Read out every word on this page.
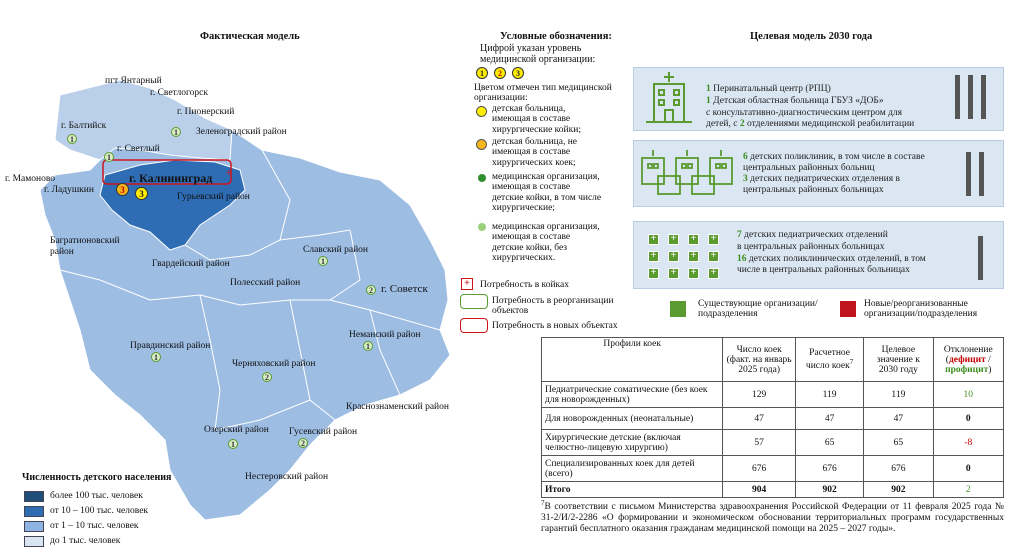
Фактическая модель
пгт Янтарный
г. Светлогорск
г. Пионерский
г. Балтийск
Зеленоградский район
г. Светлый
г. Мамоново
г. Ладушкин
г. Калининград
Гурьевский район
Багратионовский район
Гвардейский район
Полесский район
Славский район
г. Советск
Неманский район
Правдинский район
Черняховский район
Краснознаменский район
Озерский район Гусевский район
Нестеровский район
1
1
1
3	3
+
1
2
1
1
2
1	2
Численность детского населения
более 100 тыс. человек
от 10 – 100 тыс. человек
от 1 – 10 тыс. человек
до 1 тыс. человек
Условные обозначения:
Цифрой указан уровень медицинской организации:
1	2	3
Цветом отмечен тип медицинской организации:
детская больница, имеющая в составе хирургические койки;
детская больница, не имеющая в составе хирургических коек;
медицинская организация, имеющая в составе детские койки, в том числе хирургические;
медицинская организация, имеющая в составе детские койки, без хирургических.
+	Потребность в койках
Потребность в реорганизации объектов
Потребность в новых объектах
Целевая модель 2030 года
1 Перинатальный центр (РПЦ)
1 Детская областная больница ГБУЗ «ДОБ»
с консультативно-диагностическим центром для
детей, с 2 отделениями медицинской реабилитации
6 детских поликлиник, в том числе в составе
центральных районных больниц
3 детских педиатрических отделения в
центральных районных больницах
+ + + +
+ + + +
+ + + +
7 детских педиатрических отделений
в центральных районных больницах
16 детских поликлинических отделений, в том
числе в центральных районных больницах
Существующие организации/подразделения
Новые/реорганизованные организации/подразделения
Профили коек	Число коек (факт. на январь 2025 года)	Расчетное число коек$^7$	Целевое значение к 2030 году	Отклонение (дефицит / профицит)
Педиатрические соматические (без коек для новорожденных)	129	119	119	10
Для новорожденных (неонатальные)	47	47	47	0
Хирургические детские (включая челюстно-лицевую хирургию)	57	65	65	-8
Специализированных коек для детей (всего)	676	676	676	0
Итого	904	902	902	2
$^7$В соответствии с письмом Министерства здравоохранения Российской Федерации от 11 февраля 2025 года № 31-2/И/2-2286 «О формировании и экономическом обосновании территориальных программ государственных гарантий бесплатного оказания гражданам медицинской помощи на 2025 – 2027 годы».
